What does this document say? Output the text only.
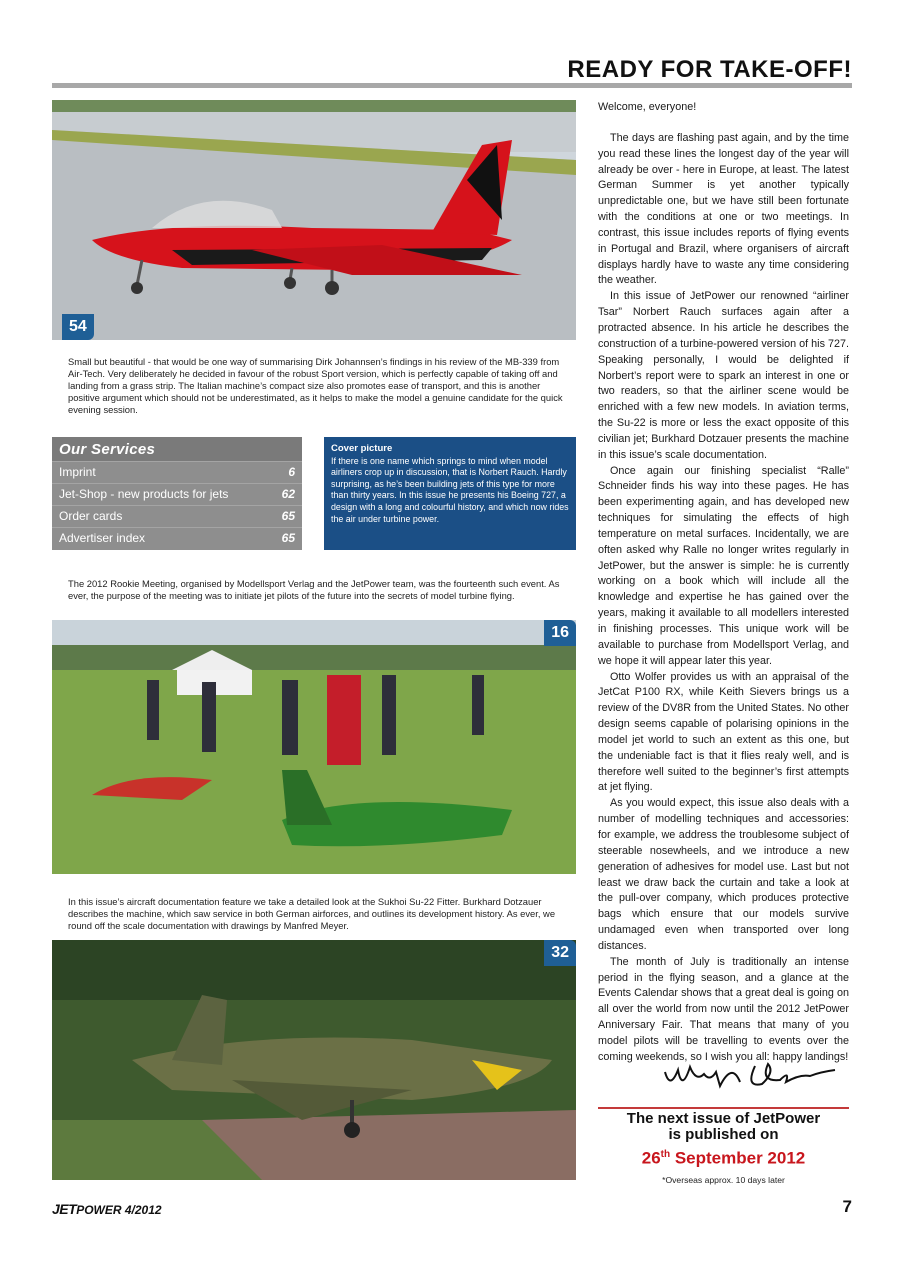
READY FOR TAKE-OFF!
54
Small but beautiful - that would be one way of summarising Dirk Johannsen’s findings in his review of the MB-339 from Air-Tech. Very deliberately he decided in favour of the robust Sport version, which is perfectly capable of taking off and landing from a grass strip. The Italian machine’s compact size also promotes ease of transport, and this is another positive argument which should not be underestimated, as it helps to make the model a genuine candidate for the quick evening session.
Our Services
Imprint	6
Jet-Shop - new products for jets	62
Order cards	65
Advertiser index	65
Cover picture
If there is one name which springs to mind when model airliners crop up in discussion, that is Norbert Rauch. Hardly surprising, as he’s been building jets of this type for more than thirty years. In this issue he presents his Boeing 727, a design with a long and colourful history, and which now rides the air under turbine power.
The 2012 Rookie Meeting, organised by Modellsport Verlag and the JetPower team, was the fourteenth such event. As ever, the purpose of the meeting was to initiate jet pilots of the future into the secrets of model turbine flying.
16
In this issue’s aircraft documentation feature we take a detailed look at the Sukhoi Su-22 Fitter. Burkhard Dotzauer describes the machine, which saw service in both German airforces, and outlines its development history. As ever, we round off the scale documentation with drawings by Manfred Meyer.
32

Welcome, everyone!

The days are flashing past again, and by the time you read these lines the longest day of the year will already be over - here in Europe, at least. The latest German Summer is yet another typically unpredictable one, but we have still been fortunate with the conditions at one or two meetings. In contrast, this issue includes reports of flying events in Portugal and Brazil, where organisers of aircraft displays hardly have to waste any time considering the weather.

In this issue of JetPower our renowned “airliner Tsar” Norbert Rauch surfaces again after a protracted absence. In his article he describes the construction of a turbine-powered version of his 727. Speaking personally, I would be delighted if Norbert’s report were to spark an interest in one or two readers, so that the airliner scene would be enriched with a few new models. In aviation terms, the Su-22 is more or less the exact opposite of this civilian jet; Burkhard Dotzauer presents the machine in this issue’s scale documentation.

Once again our finishing specialist “Ralle” Schneider finds his way into these pages. He has been experimenting again, and has developed new techniques for simulating the effects of high temperature on metal surfaces. Incidentally, we are often asked why Ralle no longer writes regularly in JetPower, but the answer is simple: he is currently working on a book which will include all the knowledge and expertise he has gained over the years, making it available to all modellers interested in finishing processes. This unique work will be available to purchase from Modellsport Verlag, and we hope it will appear later this year.

Otto Wolfer provides us with an appraisal of the JetCat P100 RX, while Keith Sievers brings us a review of the DV8R from the United States. No other design seems capable of polarising opinions in the model jet world to such an extent as this one, but the undeniable fact is that it flies realy well, and is therefore well suited to the beginner’s first attempts at jet flying.

As you would expect, this issue also deals with a number of modelling techniques and accessories: for example, we address the troublesome subject of steerable nosewheels, and we introduce a new generation of adhesives for model use. Last but not least we draw back the curtain and take a look at the pull-over company, which produces protective bags which ensure that our models survive undamaged even when transported over long distances.

The month of July is traditionally an intense period in the flying season, and a glance at the Events Calendar shows that a great deal is going on all over the world from now until the 2012 JetPower Anniversary Fair. That means that many of you model pilots will be travelling to events over the coming weekends, so I wish you all: happy landings!

The next issue of JetPower
is published on
26th September 2012
*Overseas approx. 10 days later
JETPOWER 4/2012	7
